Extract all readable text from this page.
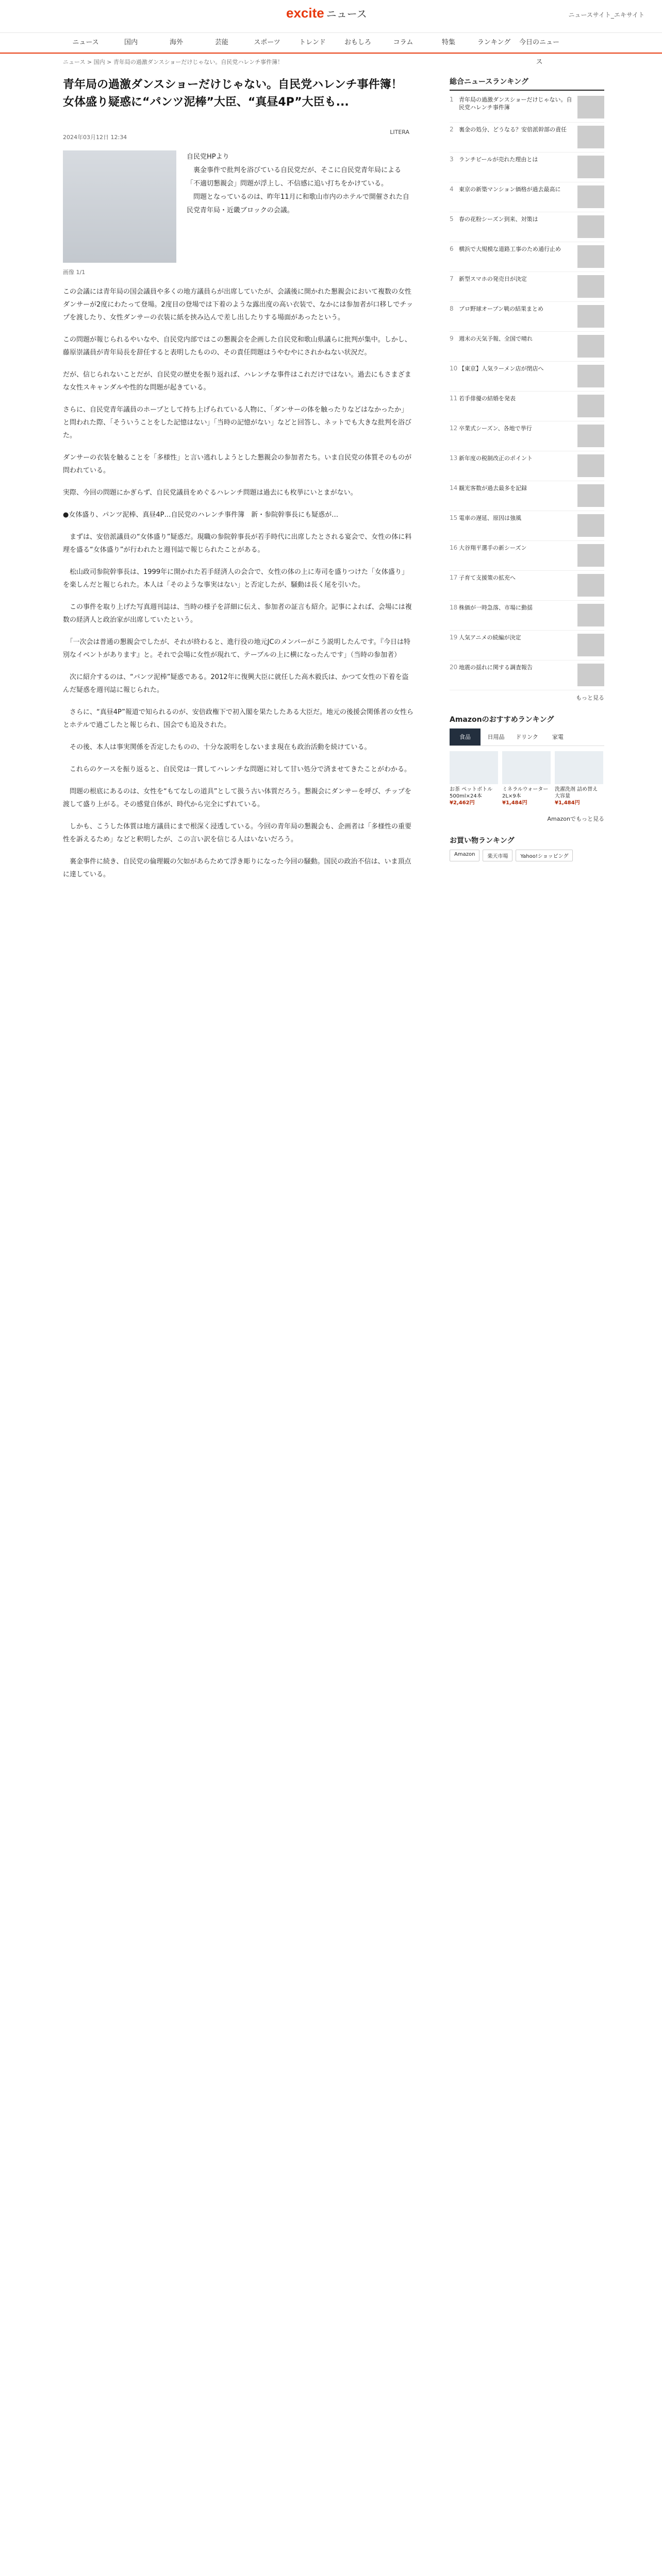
excite ニュース	ニュースサイト_エキサイト
ニュース	国内	海外	芸能	スポーツ	トレンド	おもしろ	コラム	特集	ランキング	今日のニュース
ニュース > 国内 > 青年局の過激ダンスショーだけじゃない。自民党ハレンチ事件簿！
青年局の過激ダンスショーだけじゃない。自民党ハレンチ事件簿！ 女体盛り疑惑に“パンツ泥棒”大臣、“真昼4P”大臣も...
2024年03月12日 12:34
LITERA
画像 1/1
自民党HPより
　裏金事件で批判を浴びている自民党だが、そこに自民党青年局による「不適切懇親会」問題が浮上し、不信感に追い打ちをかけている。
　問題となっているのは、昨年11月に和歌山市内のホテルで開催された自民党青年局・近畿ブロックの会議。

この会議には青年局の国会議員や多くの地方議員らが出席していたが、会議後に開かれた懇親会において複数の女性ダンサーが2度にわたって登場。2度目の登場では下着のような露出度の高い衣装で、なかには参加者が口移しでチップを渡したり、女性ダンサーの衣装に紙を挟み込んで差し出したりする場面があったという。

この問題が報じられるやいなや、自民党内部ではこの懇親会を企画した自民党和歌山県議らに批判が集中。しかし、藤原崇議員が青年局長を辞任すると表明したものの、その責任問題はうやむやにされかねない状況だ。

だが、信じられないことだが、自民党の歴史を振り返れば、ハレンチな事件はこれだけではない。過去にもさまざまな女性スキャンダルや性的な問題が起きている。

さらに、自民党青年議員のホープとして持ち上げられている人物に、「ダンサーの体を触ったりなどはなかったか」と問われた際、「そういうことをした記憶はない」「当時の記憶がない」などと回答し、ネットでも大きな批判を浴びた。

ダンサーの衣装を触ることを「多様性」と言い逃れしようとした懇親会の参加者たち。いま自民党の体質そのものが問われている。

実際、今回の問題にかぎらず、自民党議員をめぐるハレンチ問題は過去にも枚挙にいとまがない。

●女体盛り、パンツ泥棒、真昼4P…自民党のハレンチ事件簿　新・参院幹事長にも疑惑が…

　まずは、安倍派議員の“女体盛り”疑惑だ。現職の参院幹事長が若手時代に出席したとされる宴会で、女性の体に料理を盛る“女体盛り”が行われたと週刊誌で報じられたことがある。

　松山政司参院幹事長は、1999年に開かれた若手経済人の会合で、女性の体の上に寿司を盛りつけた「女体盛り」を楽しんだと報じられた。本人は「そのような事実はない」と否定したが、騒動は長く尾を引いた。

　この事件を取り上げた写真週刊誌は、当時の様子を詳細に伝え、参加者の証言も紹介。記事によれば、会場には複数の経済人と政治家が出席していたという。

　「一次会は普通の懇親会でしたが、それが終わると、進行役の地元JCのメンバーがこう説明したんです。『今日は特別なイベントがあります』と。それで会場に女性が現れて、テーブルの上に横になったんです」（当時の参加者）

　次に紹介するのは、“パンツ泥棒”疑惑である。2012年に復興大臣に就任した高木毅氏は、かつて女性の下着を盗んだ疑惑を週刊誌に報じられた。

　さらに、“真昼4P”報道で知られるのが、安倍政権下で初入閣を果たしたある大臣だ。地元の後援会関係者の女性らとホテルで過ごしたと報じられ、国会でも追及された。

　その後、本人は事実関係を否定したものの、十分な説明をしないまま現在も政治活動を続けている。

　これらのケースを振り返ると、自民党は一貫してハレンチな問題に対して甘い処分で済ませてきたことがわかる。

　問題の根底にあるのは、女性を“もてなしの道具”として扱う古い体質だろう。懇親会にダンサーを呼び、チップを渡して盛り上がる。その感覚自体が、時代から完全にずれている。

　しかも、こうした体質は地方議員にまで根深く浸透している。今回の青年局の懇親会も、企画者は「多様性の重要性を訴えるため」などと釈明したが、この言い訳を信じる人はいないだろう。

　裏金事件に続き、自民党の倫理観の欠如があらためて浮き彫りになった今回の騒動。国民の政治不信は、いま頂点に達している。

総合ニュースランキング
1 青年局の過激ダンスショーだけじゃない。自民党ハレンチ事件簿
2 裏金の処分、どうなる？安倍派幹部の責任
3 ランチビールが売れた理由とは
4 東京の新築マンション価格が過去最高に
5 春の花粉シーズン到来、対策は
6 横浜で大規模な道路工事のため通行止め
7 新型スマホの発売日が決定
8 プロ野球オープン戦の結果まとめ
9 週末の天気予報、全国で晴れ
10 【東京】人気ラーメン店が閉店へ
11 若手俳優の結婚を発表
12 卒業式シーズン、各地で挙行
13 新年度の税制改正のポイント
14 観光客数が過去最多を記録
15 電車の遅延、原因は強風
16 大谷翔平選手の新シーズン
17 子育て支援策の拡充へ
18 株価が一時急落、市場に動揺
19 人気アニメの続編が決定
20 地震の揺れに関する調査報告
もっと見る
Amazonのおすすめランキング
食品	日用品	ドリンク	家電
お茶 ペットボトル 500ml×24本
¥2,462円
ミネラルウォーター 2L×9本
¥1,484円
洗濯洗剤 詰め替え 大容量
¥1,484円
Amazonでもっと見る
お買い物ランキング
Amazon	楽天市場	Yahoo!ショッピング
